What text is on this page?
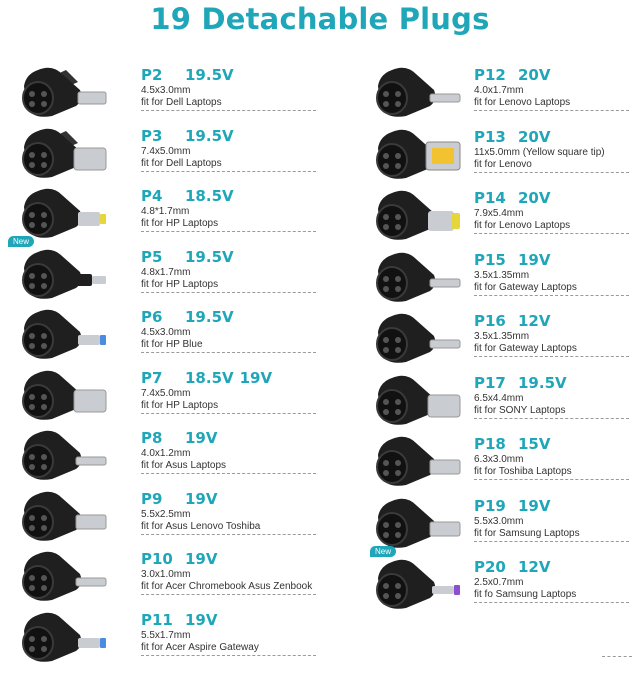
19 Detachable Plugs
P2 19.5V
4.5x3.0mm
fit for Dell Laptops
P3 19.5V
7.4x5.0mm
fit for Dell Laptops
P4 18.5V
4.8*1.7mm
fit for HP Laptops
New
P5 19.5V
4.8x1.7mm
fit for HP Laptops
P6 19.5V
4.5x3.0mm
fit for HP Blue
P7 18.5V 19V
7.4x5.0mm
fit for HP Laptops
P8 19V
4.0x1.2mm
fit for Asus Laptops
P9 19V
5.5x2.5mm
fit for Asus Lenovo Toshiba
P10 19V
3.0x1.0mm
fit for Acer Chromebook Asus Zenbook
P11 19V
5.5x1.7mm
fit for Acer Aspire Gateway
P12 20V
4.0x1.7mm
fit for Lenovo Laptops
P13 20V
11x5.0mm (Yellow square tip)
fit for Lenovo
P14 20V
7.9x5.4mm
fit for Lenovo Laptops
P15 19V
3.5x1.35mm
fit for Gateway Laptops
P16 12V
3.5x1.35mm
fit for Gateway Laptops
P17 19.5V
6.5x4.4mm
fit for SONY Laptops
P18 15V
6.3x3.0mm
fit for Toshiba Laptops
P19 19V
5.5x3.0mm
fit for Samsung Laptops
New
P20 12V
2.5x0.7mm
fit fo Samsung Laptops
